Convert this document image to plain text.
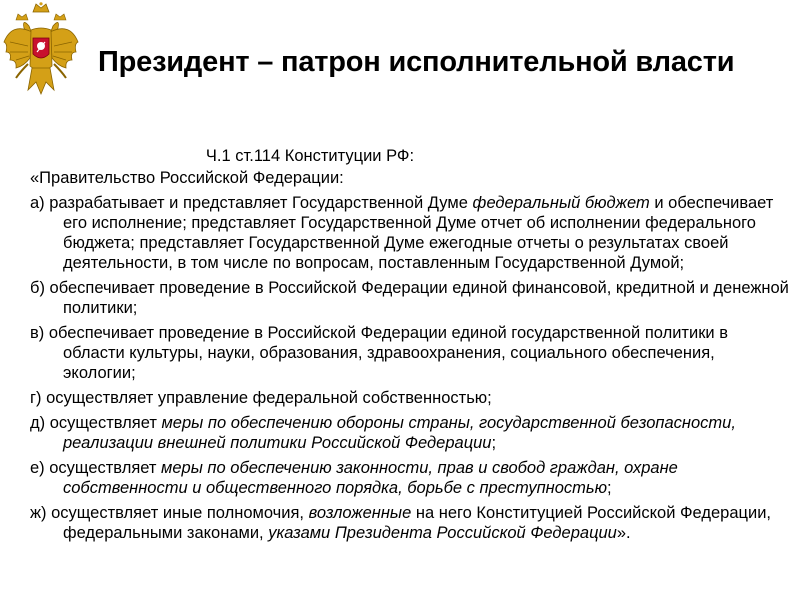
Президент – патрон исполнительной власти
Ч.1 ст.114 Конституции РФ:
«Правительство Российской Федерации:
а) разрабатывает и представляет Государственной Думе федеральный бюджет и обеспечивает его исполнение; представляет Государственной Думе отчет об исполнении федерального бюджета; представляет Государственной Думе ежегодные отчеты о результатах своей деятельности, в том числе по вопросам, поставленным Государственной Думой;
б) обеспечивает проведение в Российской Федерации единой финансовой, кредитной и денежной политики;
в) обеспечивает проведение в Российской Федерации единой государственной политики в области культуры, науки, образования, здравоохранения, социального обеспечения, экологии;
г) осуществляет управление федеральной собственностью;
д) осуществляет меры по обеспечению обороны страны, государственной безопасности, реализации внешней политики Российской Федерации;
е) осуществляет меры по обеспечению законности, прав и свобод граждан, охране собственности и общественного порядка, борьбе с преступностью;
ж) осуществляет иные полномочия, возложенные на него Конституцией Российской Федерации, федеральными законами, указами Президента Российской Федерации».
